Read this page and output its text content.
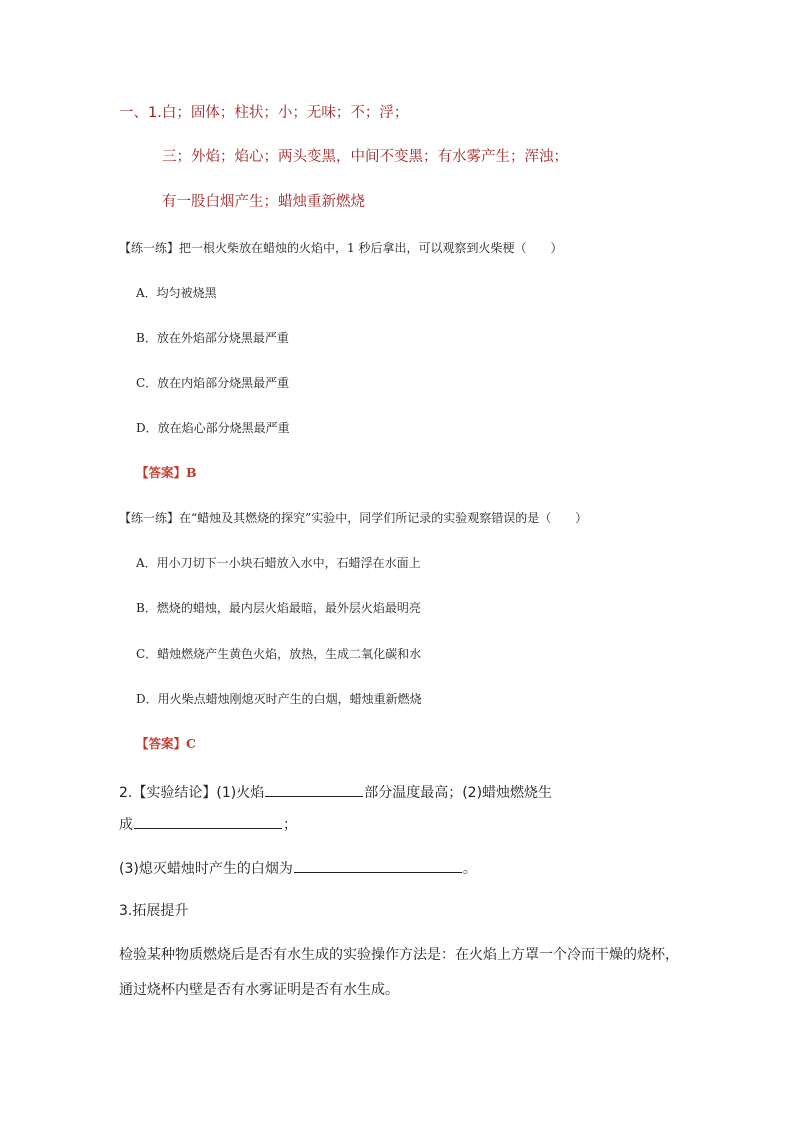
一、1.白；固体；柱状；小；无味；不；浮；
三；外焰；焰心；两头变黑，中间不变黑；有水雾产生；浑浊；
有一股白烟产生；蜡烛重新燃烧
【练一练】把一根火柴放在蜡烛的火焰中，1 秒后拿出，可以观察到火柴梗（　　）
A．均匀被烧黑
B．放在外焰部分烧黑最严重
C．放在内焰部分烧黑最严重
D．放在焰心部分烧黑最严重
【答案】B
【练一练】在“蜡烛及其燃烧的探究”实验中，同学们所记录的实验观察错误的是（　　）
A．用小刀切下一小块石蜡放入水中，石蜡浮在水面上
B．燃烧的蜡烛，最内层火焰最暗，最外层火焰最明亮
C．蜡烛燃烧产生黄色火焰，放热，生成二氧化碳和水
D．用火柴点蜡烛刚熄灭时产生的白烟，蜡烛重新燃烧
【答案】C
2.【实验结论】(1)火焰	部分温度最高；(2)蜡烛燃烧生
成	；
(3)熄灭蜡烛时产生的白烟为	。
3.拓展提升
检验某种物质燃烧后是否有水生成的实验操作方法是：在火焰上方罩一个冷而干燥的烧杯，
通过烧杯内壁是否有水雾证明是否有水生成。
